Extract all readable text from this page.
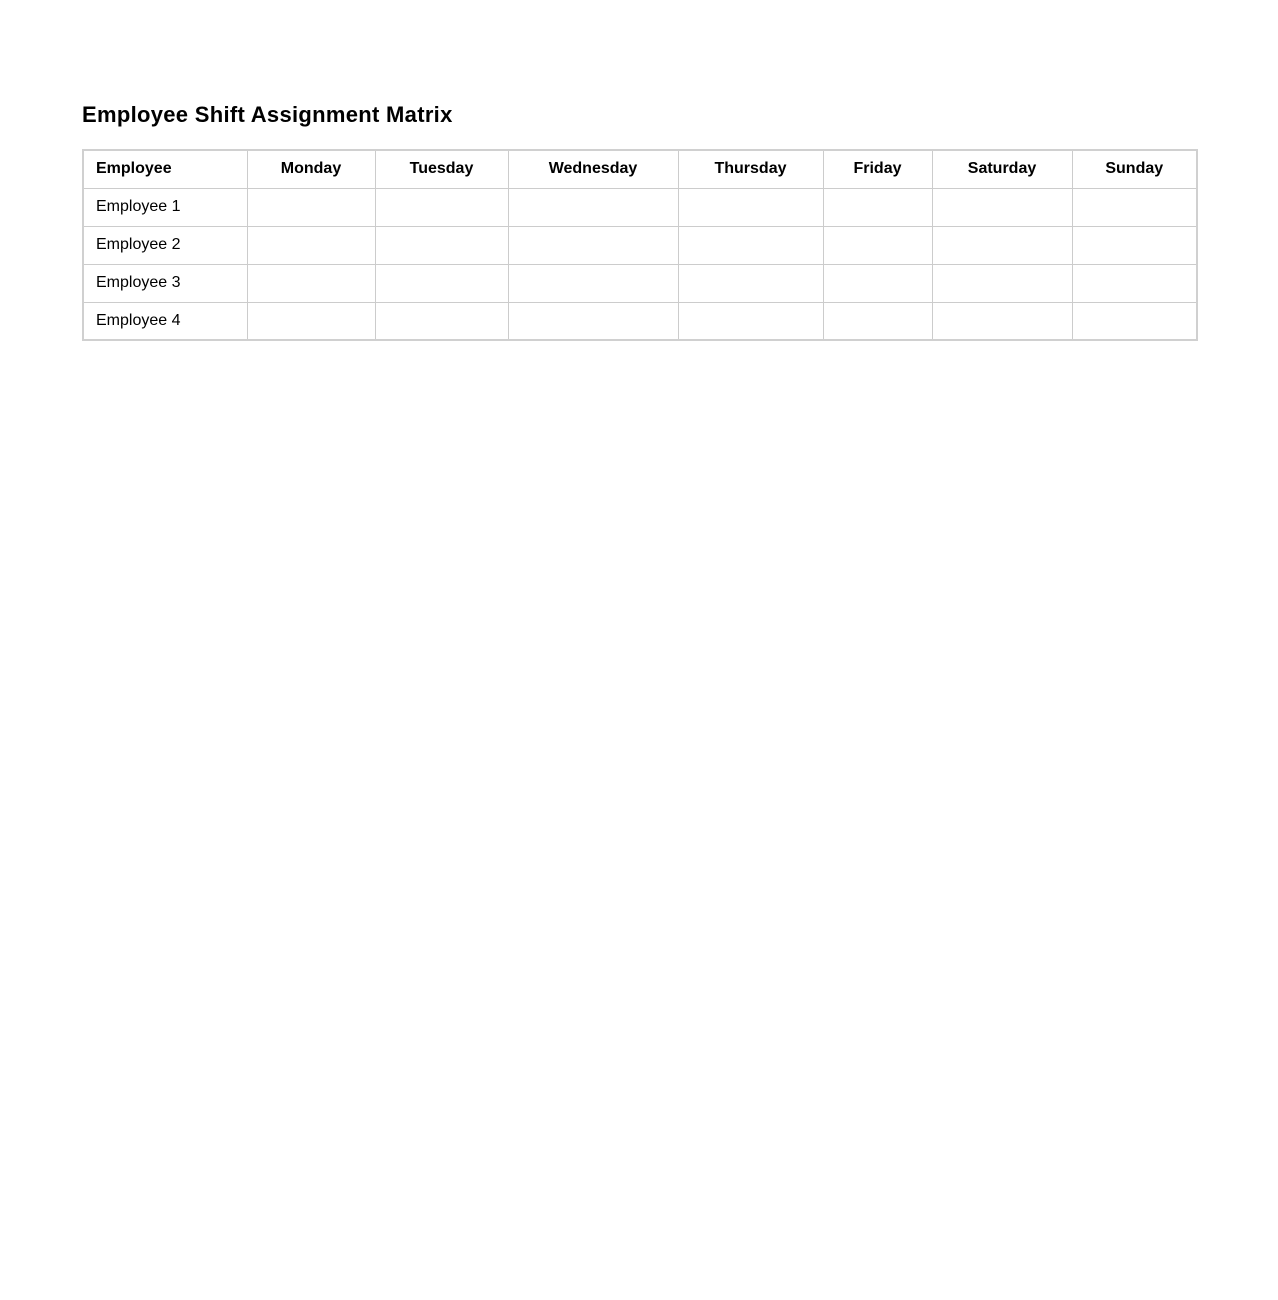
Employee Shift Assignment Matrix
Employee	Monday	Tuesday	Wednesday	Thursday	Friday	Saturday	Sunday
Employee 1							
Employee 2							
Employee 3							
Employee 4							
